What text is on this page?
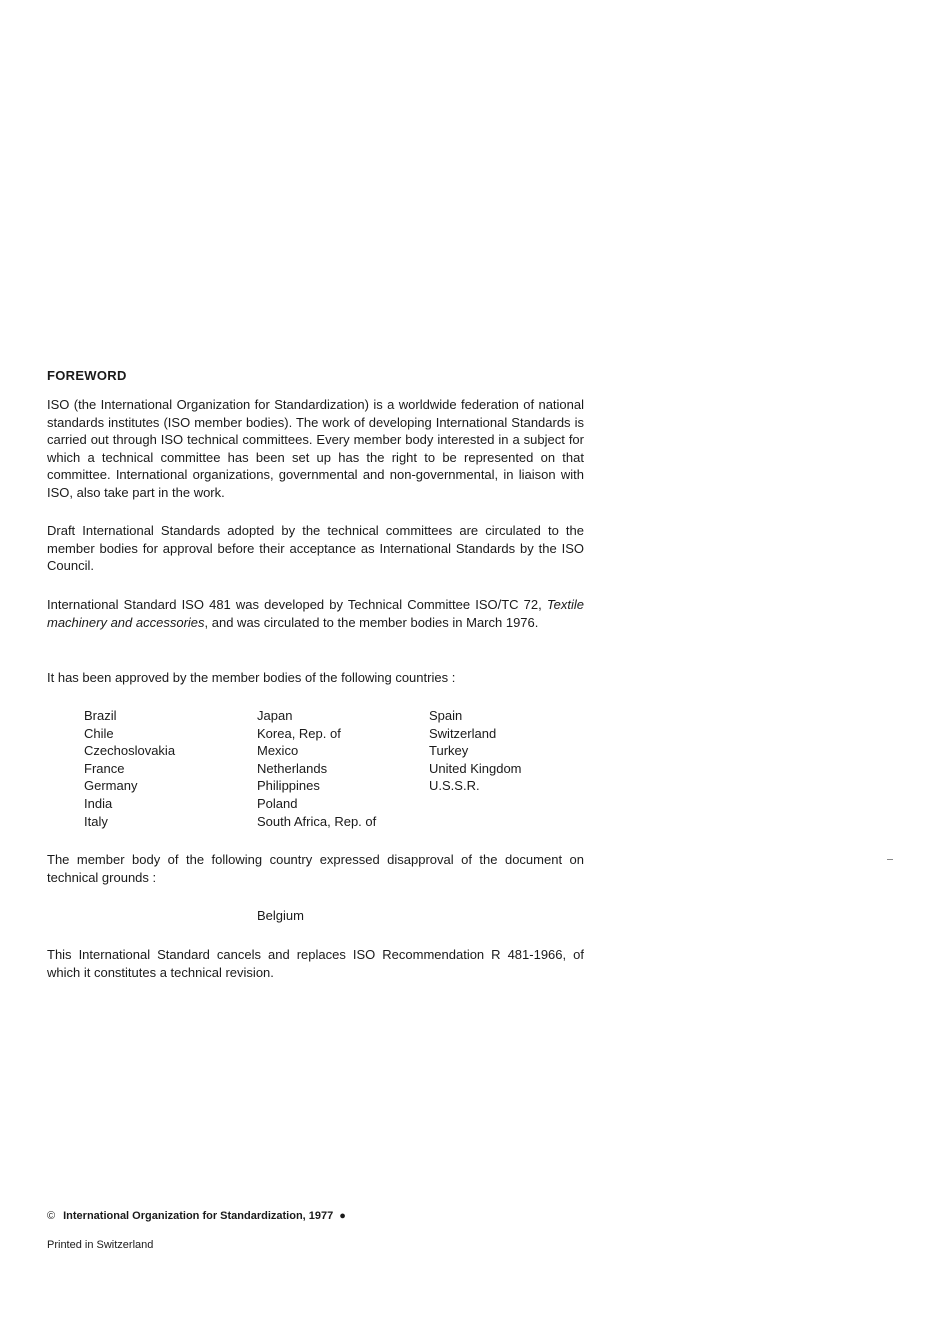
FOREWORD
ISO (the International Organization for Standardization) is a worldwide federation of national standards institutes (ISO member bodies). The work of developing International Standards is carried out through ISO technical committees. Every member body interested in a subject for which a technical committee has been set up has the right to be represented on that committee. International organizations, governmental and non-governmental, in liaison with ISO, also take part in the work.
Draft International Standards adopted by the technical committees are circulated to the member bodies for approval before their acceptance as International Standards by the ISO Council.
International Standard ISO 481 was developed by Technical Committee ISO/TC 72, Textile machinery and accessories, and was circulated to the member bodies in March 1976.
It has been approved by the member bodies of the following countries :
Brazil
Chile
Czechoslovakia
France
Germany
India
Italy
Japan
Korea, Rep. of
Mexico
Netherlands
Philippines
Poland
South Africa, Rep. of
Spain
Switzerland
Turkey
United Kingdom
U.S.S.R.
The member body of the following country expressed disapproval of the document on technical grounds :
Belgium
This International Standard cancels and replaces ISO Recommendation R 481-1966, of which it constitutes a technical revision.
© International Organization for Standardization, 1977 ●
Printed in Switzerland
